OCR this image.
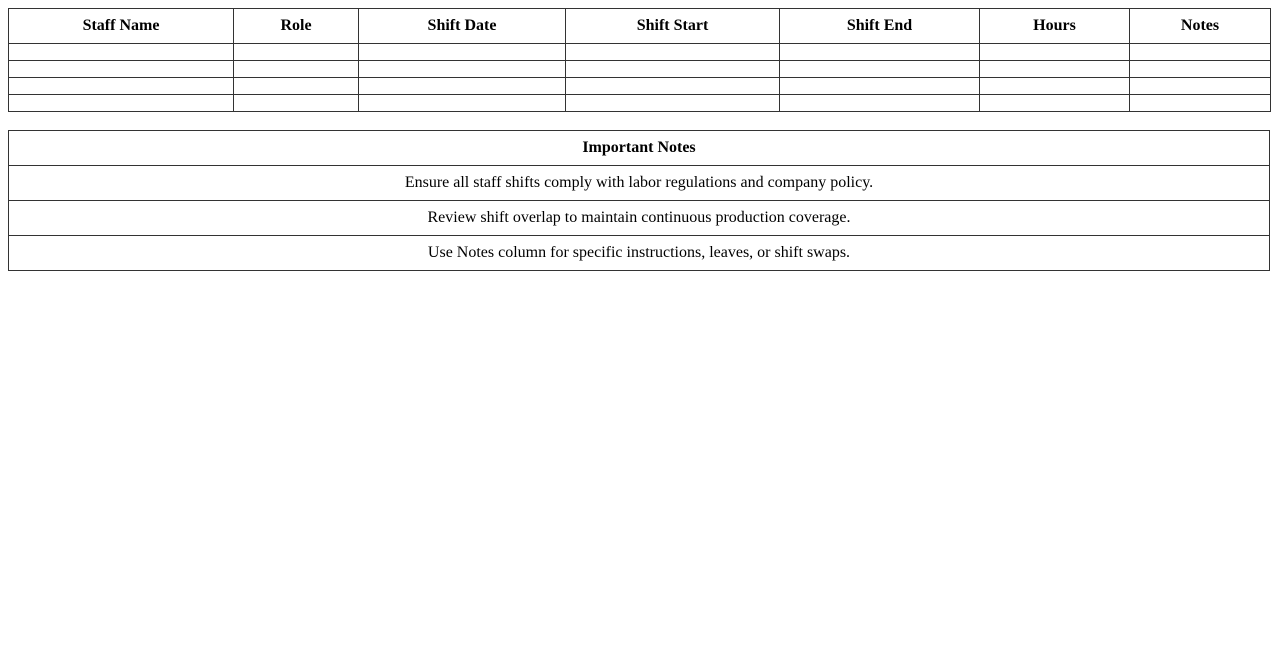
Staff Name	Role	Shift Date	Shift Start	Shift End	Hours	Notes

Important Notes
Ensure all staff shifts comply with labor regulations and company policy.
Review shift overlap to maintain continuous production coverage.
Use Notes column for specific instructions, leaves, or shift swaps.
